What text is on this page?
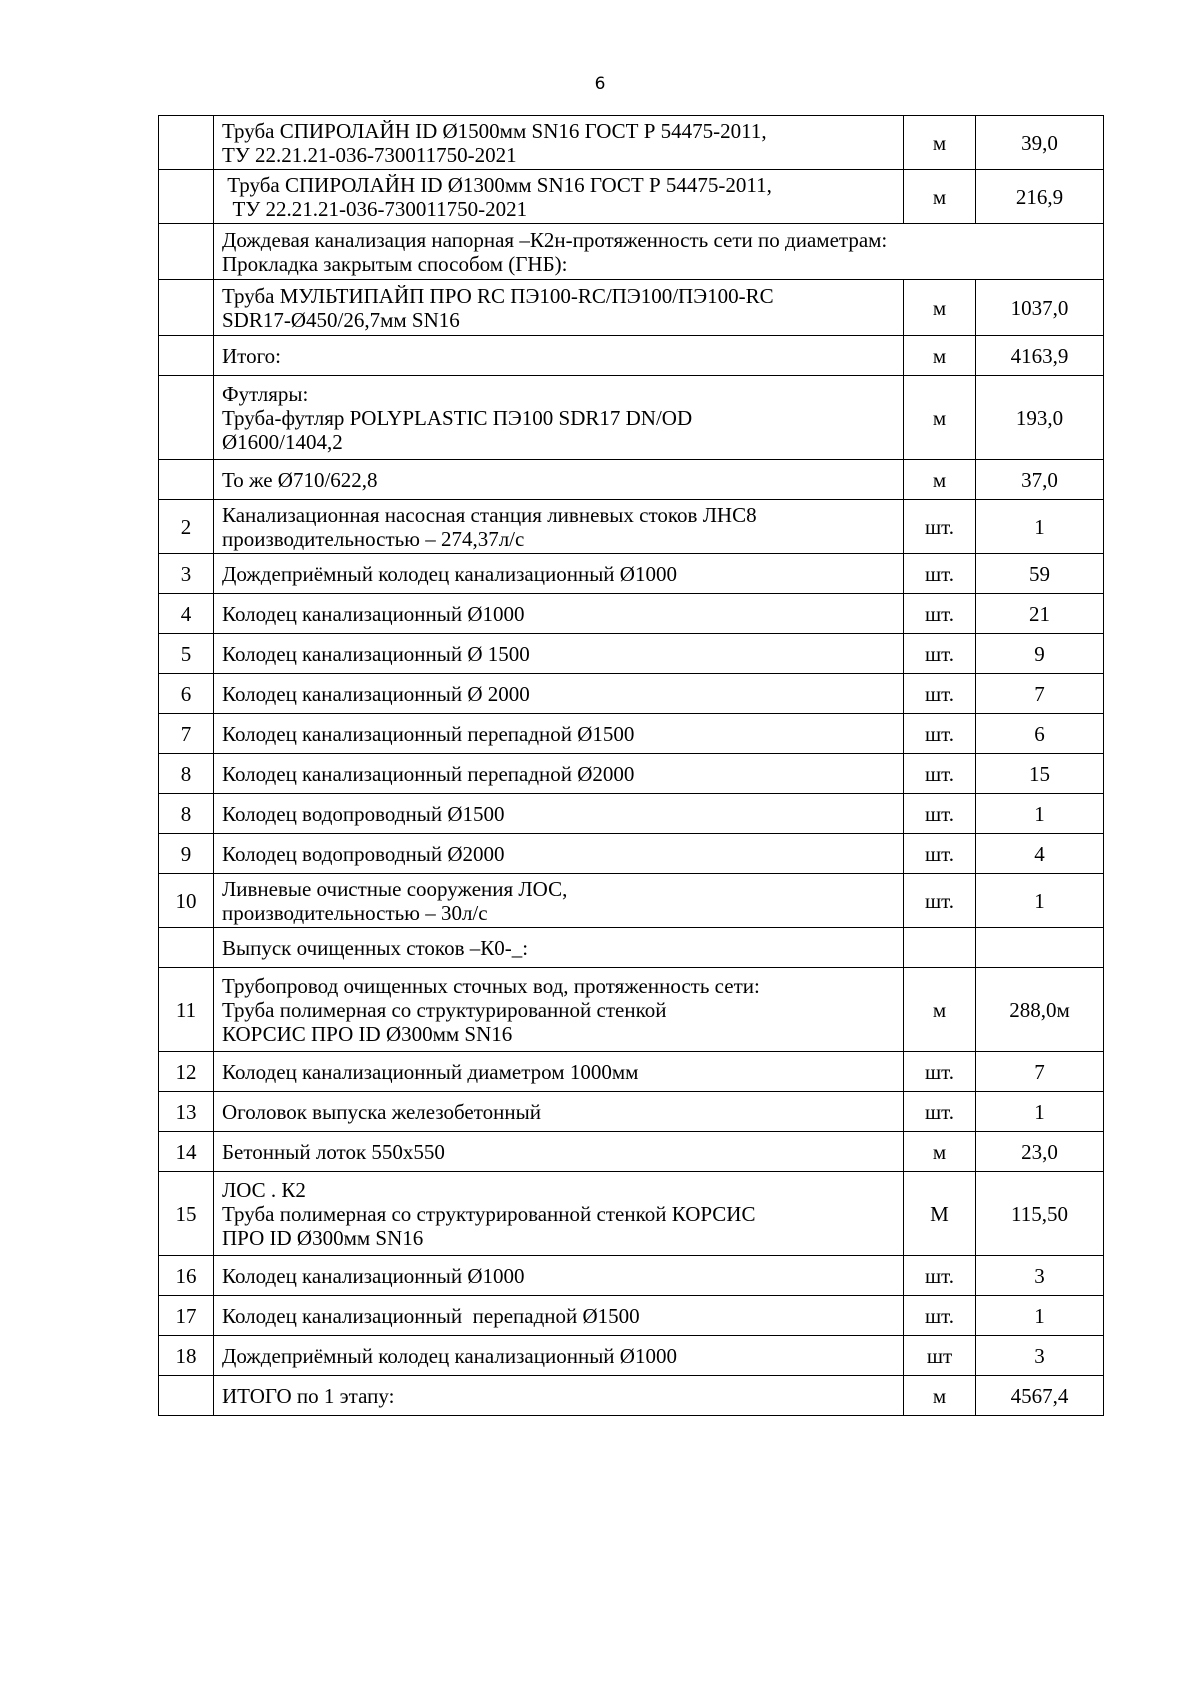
6

	Труба СПИРОЛАЙН ID Ø1500мм SN16 ГОСТ Р 54475-2011,
ТУ 22.21.21-036-730011750-2021	м	39,0

	Труба СПИРОЛАЙН ID Ø1300мм SN16 ГОСТ Р 54475-2011,
ТУ 22.21.21-036-730011750-2021	м	216,9

	Дождевая канализация напорная –К2н-протяженность сети по диаметрам:
Прокладка закрытым способом (ГНБ):		

	Труба МУЛЬТИПАЙП ПРО RC ПЭ100-RC/ПЭ100/ПЭ100-RC
SDR17-Ø450/26,7мм SN16	м	1037,0

	Итого:	м	4163,9

	Футляры:
Труба-футляр POLYPLASTIC ПЭ100 SDR17 DN/OD
Ø1600/1404,2	м	193,0

	То же Ø710/622,8	м	37,0
2	Канализационная насосная станция ливневых стоков ЛНС8
производительностью – 274,37л/с	шт.	1
3	Дождеприёмный колодец канализационный Ø1000	шт.	59
4	Колодец канализационный Ø1000	шт.	21
5	Колодец канализационный Ø 1500	шт.	9
6	Колодец канализационный Ø 2000	шт.	7
7	Колодец канализационный перепадной Ø1500	шт.	6
8	Колодец канализационный перепадной Ø2000	шт.	15
8	Колодец водопроводный Ø1500	шт.	1
9	Колодец водопроводный Ø2000	шт.	4
10	Ливневые очистные сооружения ЛОС,
производительностью – 30л/с	шт.	1

	Выпуск очищенных стоков –К0-_:		

11	Трубопровод очищенных сточных вод, протяженность сети:
Труба полимерная со структурированной стенкой
КОРСИС ПРО ID Ø300мм SN16	м	288,0м
12	Колодец канализационный диаметром 1000мм	шт.	7
13	Оголовок выпуска железобетонный	шт.	1
14	Бетонный лоток 550х550	м	23,0
15	ЛОС . К2
Труба полимерная со структурированной стенкой КОРСИС
ПРО ID Ø300мм SN16	М	115,50
16	Колодец канализационный Ø1000	шт.	3
17	Колодец канализационный  перепадной Ø1500	шт.	1
18	Дождеприёмный колодец канализационный Ø1000	шт	3

	ИТОГО по 1 этапу:	м	4567,4
